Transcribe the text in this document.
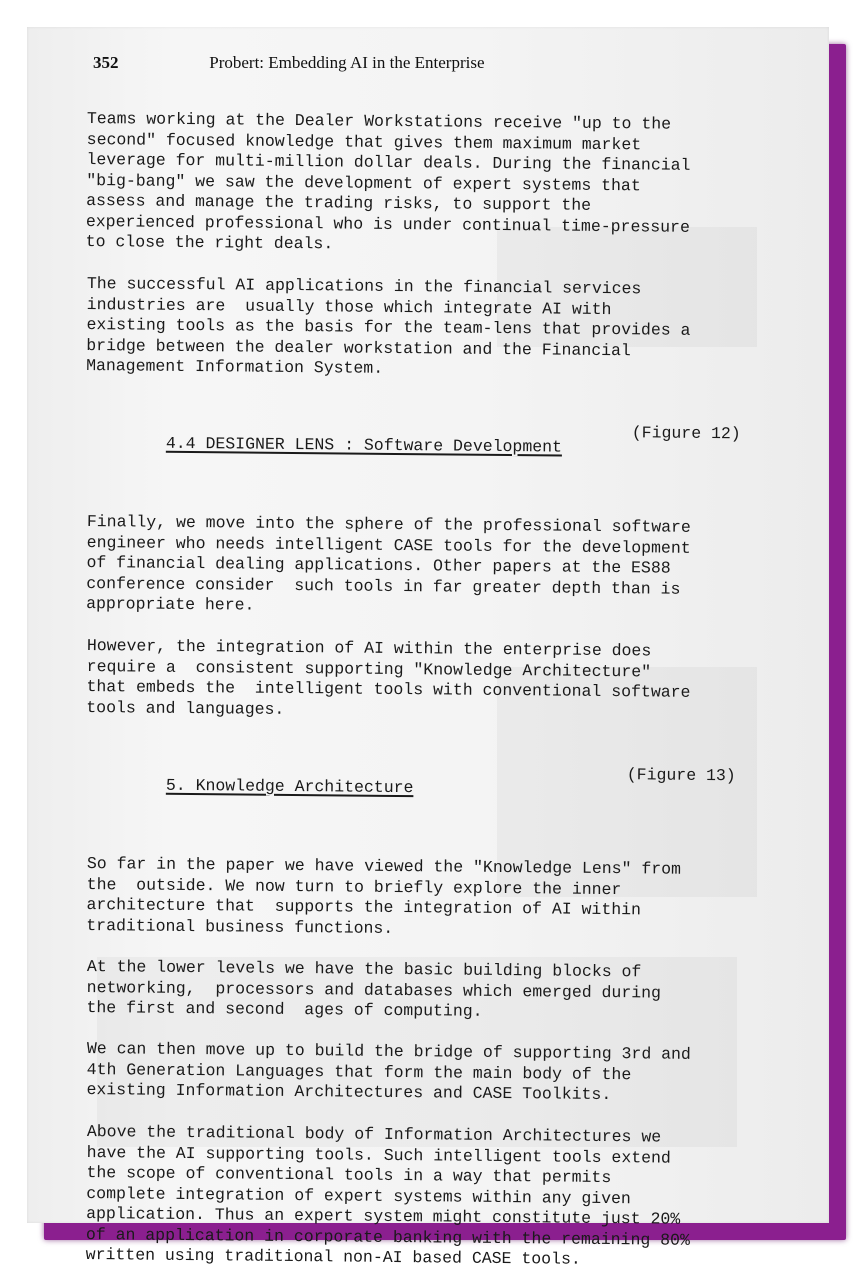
352	Probert: Embedding AI in the Enterprise
Teams working at the Dealer Workstations receive "up to the
second" focused knowledge that gives them maximum market
leverage for multi-million dollar deals. During the financial
"big-bang" we saw the development of expert systems that
assess and manage the trading risks, to support the
experienced professional who is under continual time-pressure
to close the right deals.
The successful AI applications in the financial services
industries are  usually those which integrate AI with
existing tools as the basis for the team-lens that provides a
bridge between the dealer workstation and the Financial
Management Information System.

4.4 DESIGNER LENS : Software Development

(Figure 12)

Finally, we move into the sphere of the professional software
engineer who needs intelligent CASE tools for the development
of financial dealing applications. Other papers at the ES88
conference consider  such tools in far greater depth than is
appropriate here.
However, the integration of AI within the enterprise does
require a  consistent supporting "Knowledge Architecture"
that embeds the  intelligent tools with conventional software
tools and languages.

5. Knowledge Architecture

(Figure 13)

So far in the paper we have viewed the "Knowledge Lens" from
the  outside. We now turn to briefly explore the inner
architecture that  supports the integration of AI within
traditional business functions.
At the lower levels we have the basic building blocks of
networking,  processors and databases which emerged during
the first and second  ages of computing.
We can then move up to build the bridge of supporting 3rd and
4th Generation Languages that form the main body of the
existing Information Architectures and CASE Toolkits.
Above the traditional body of Information Architectures we
have the AI supporting tools. Such intelligent tools extend
the scope of conventional tools in a way that permits
complete integration of expert systems within any given
application. Thus an expert system might constitute just 20%
of an application in corporate banking with the remaining 80%
written using traditional non-AI based CASE tools.
